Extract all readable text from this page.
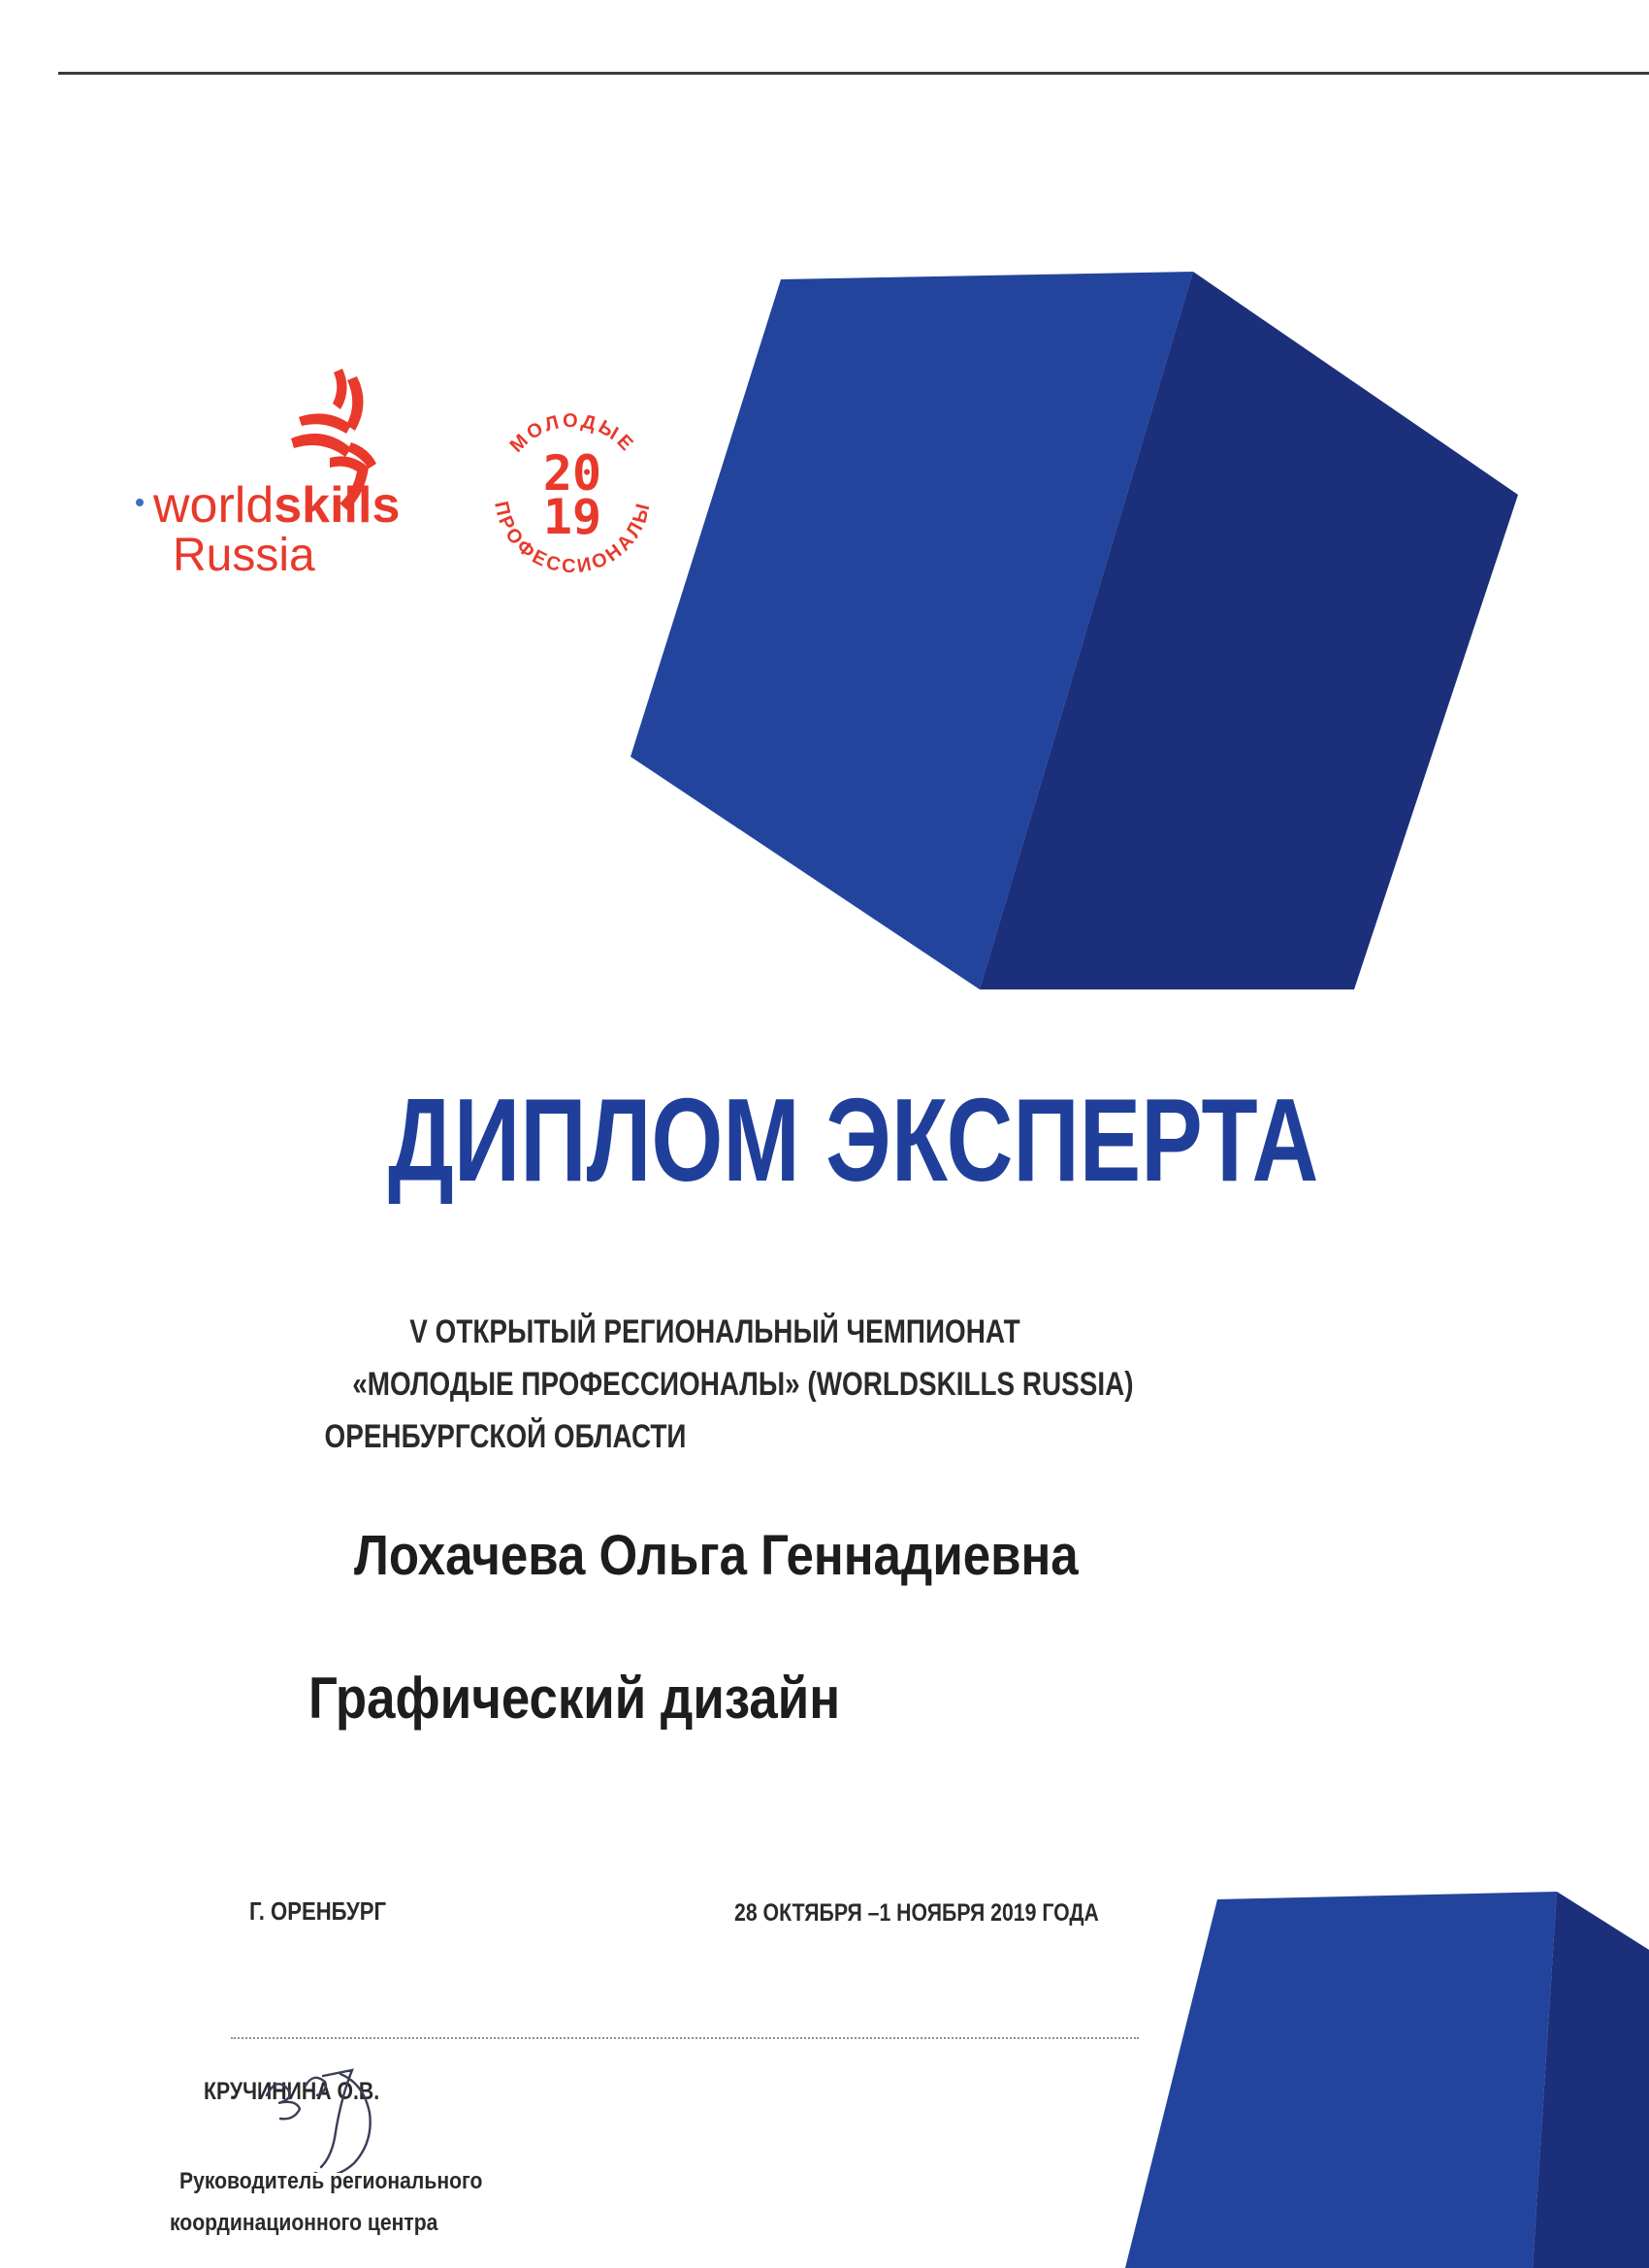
worldskills
Russia
МОЛОДЫЕ
ПРОФЕССИОНАЛЫ
20
19
ДИПЛОМ ЭКСПЕРТА
V ОТКРЫТЫЙ РЕГИОНАЛЬНЫЙ ЧЕМПИОНАТ
«МОЛОДЫЕ ПРОФЕССИОНАЛЫ» (WORLDSKILLS RUSSIA)
ОРЕНБУРГСКОЙ ОБЛАСТИ
Лохачева Ольга Геннадиевна
Графический дизайн
Г. ОРЕНБУРГ	28 ОКТЯБРЯ –1 НОЯБРЯ 2019 ГОДА
КРУЧИНИНА О.В.
Руководитель регионального
координационного центра
